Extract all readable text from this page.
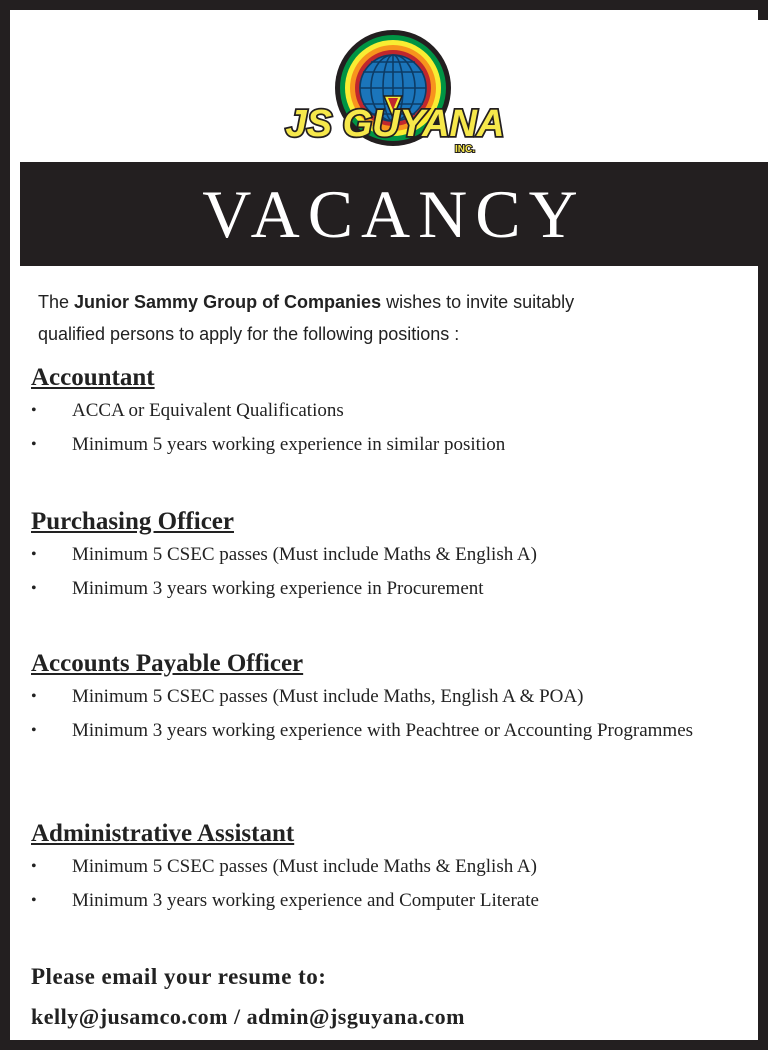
JS GUYANA
INC.
VACANCY
The Junior Sammy Group of Companies wishes to invite suitably
qualified persons to apply for the following positions :
Accountant
• ACCA or Equivalent Qualifications
• Minimum 5 years working experience in similar position
Purchasing Officer
• Minimum 5 CSEC passes (Must include Maths & English A)
• Minimum 3 years working experience in Procurement
Accounts Payable Officer
• Minimum 5 CSEC passes (Must include Maths, English A & POA)
• Minimum 3 years working experience with Peachtree or Accounting Programmes
Administrative Assistant
• Minimum 5 CSEC passes (Must include Maths & English A)
• Minimum 3 years working experience and Computer Literate
Please email your resume to:
kelly@jusamco.com / admin@jsguyana.com
